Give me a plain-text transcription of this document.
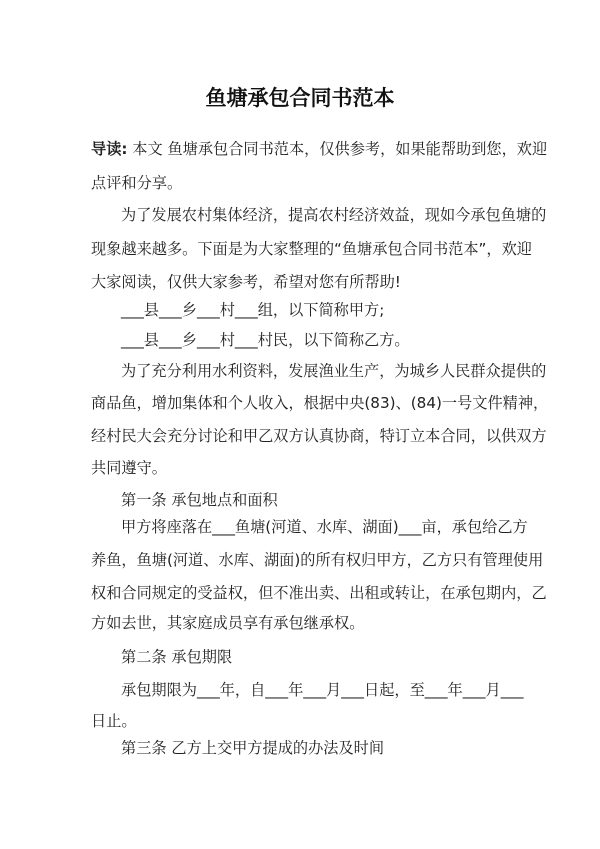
鱼塘承包合同书范本
导读: 本文 鱼塘承包合同书范本，仅供参考，如果能帮助到您，欢迎
点评和分享。
为了发展农村集体经济，提高农村经济效益，现如今承包鱼塘的
现象越来越多。下面是为大家整理的“鱼塘承包合同书范本”，欢迎
大家阅读，仅供大家参考，希望对您有所帮助!
___县___乡___村___组，以下简称甲方;
___县___乡___村___村民，以下简称乙方。
为了充分利用水利资料，发展渔业生产，为城乡人民群众提供的
商品鱼，增加集体和个人收入，根据中央(83)、(84)一号文件精神，
经村民大会充分讨论和甲乙双方认真协商，特订立本合同，以供双方
共同遵守。
第一条 承包地点和面积
甲方将座落在___鱼塘(河道、水库、湖面)___亩，承包给乙方
养鱼，鱼塘(河道、水库、湖面)的所有权归甲方，乙方只有管理使用
权和合同规定的受益权，但不准出卖、出租或转让，在承包期内，乙
方如去世，其家庭成员享有承包继承权。
第二条 承包期限
承包期限为___年，自___年___月___日起，至___年___月___
日止。
第三条 乙方上交甲方提成的办法及时间
